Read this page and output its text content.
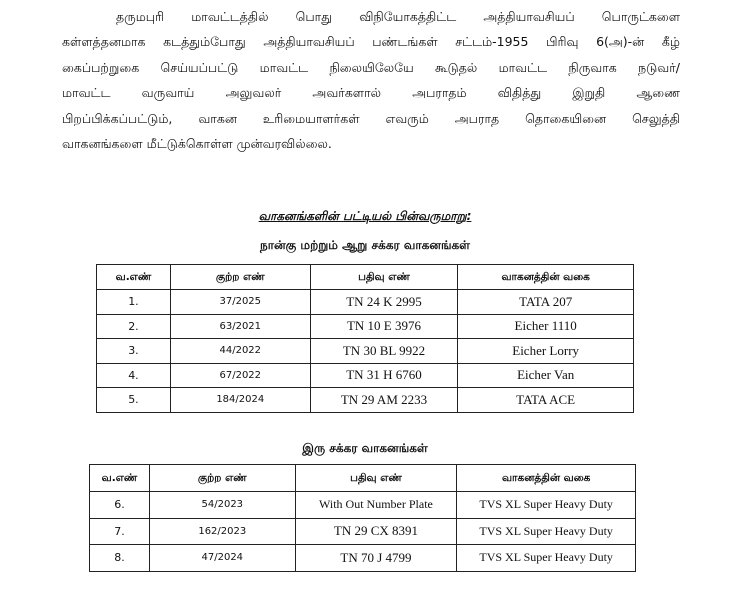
தருமபுரி மாவட்டத்தில் பொது விநியோகத்திட்ட அத்தியாவசியப் பொருட்களை
கள்ளத்தனமாக கடத்தும்போது அத்தியாவசியப் பண்டங்கள் சட்டம்-1955 பிரிவு 6(அ)-ன் கீழ்
கைப்பற்றுகை செய்யப்பட்டு மாவட்ட நிலையிலேயே கூடுதல் மாவட்ட நிருவாக நடுவர்/
மாவட்ட வருவாய் அலுவலர் அவர்களால் அபராதம் விதித்து இறுதி ஆணை
பிறப்பிக்கப்பட்டும், வாகன உரிமையாளர்கள் எவரும் அபராத தொகையினை செலுத்தி
வாகனங்களை மீட்டுக்கொள்ள முன்வரவில்லை.
வாகனங்களின் பட்டியல் பின்வருமாறு:
நான்கு மற்றும் ஆறு சக்கர வாகனங்கள்
வ.எண்	குற்ற எண்	பதிவு எண்	வாகனத்தின் வகை
1.	37/2025	TN 24 K 2995	TATA 207
2.	63/2021	TN 10 E 3976	Eicher 1110
3.	44/2022	TN 30 BL 9922	Eicher Lorry
4.	67/2022	TN 31 H 6760	Eicher Van
5.	184/2024	TN 29 AM 2233	TATA ACE
இரு சக்கர வாகனங்கள்
வ.எண்	குற்ற எண்	பதிவு எண்	வாகனத்தின் வகை
6.	54/2023	With Out Number Plate	TVS XL Super Heavy Duty
7.	162/2023	TN 29 CX 8391	TVS XL Super Heavy Duty
8.	47/2024	TN 70 J 4799	TVS XL Super Heavy Duty
